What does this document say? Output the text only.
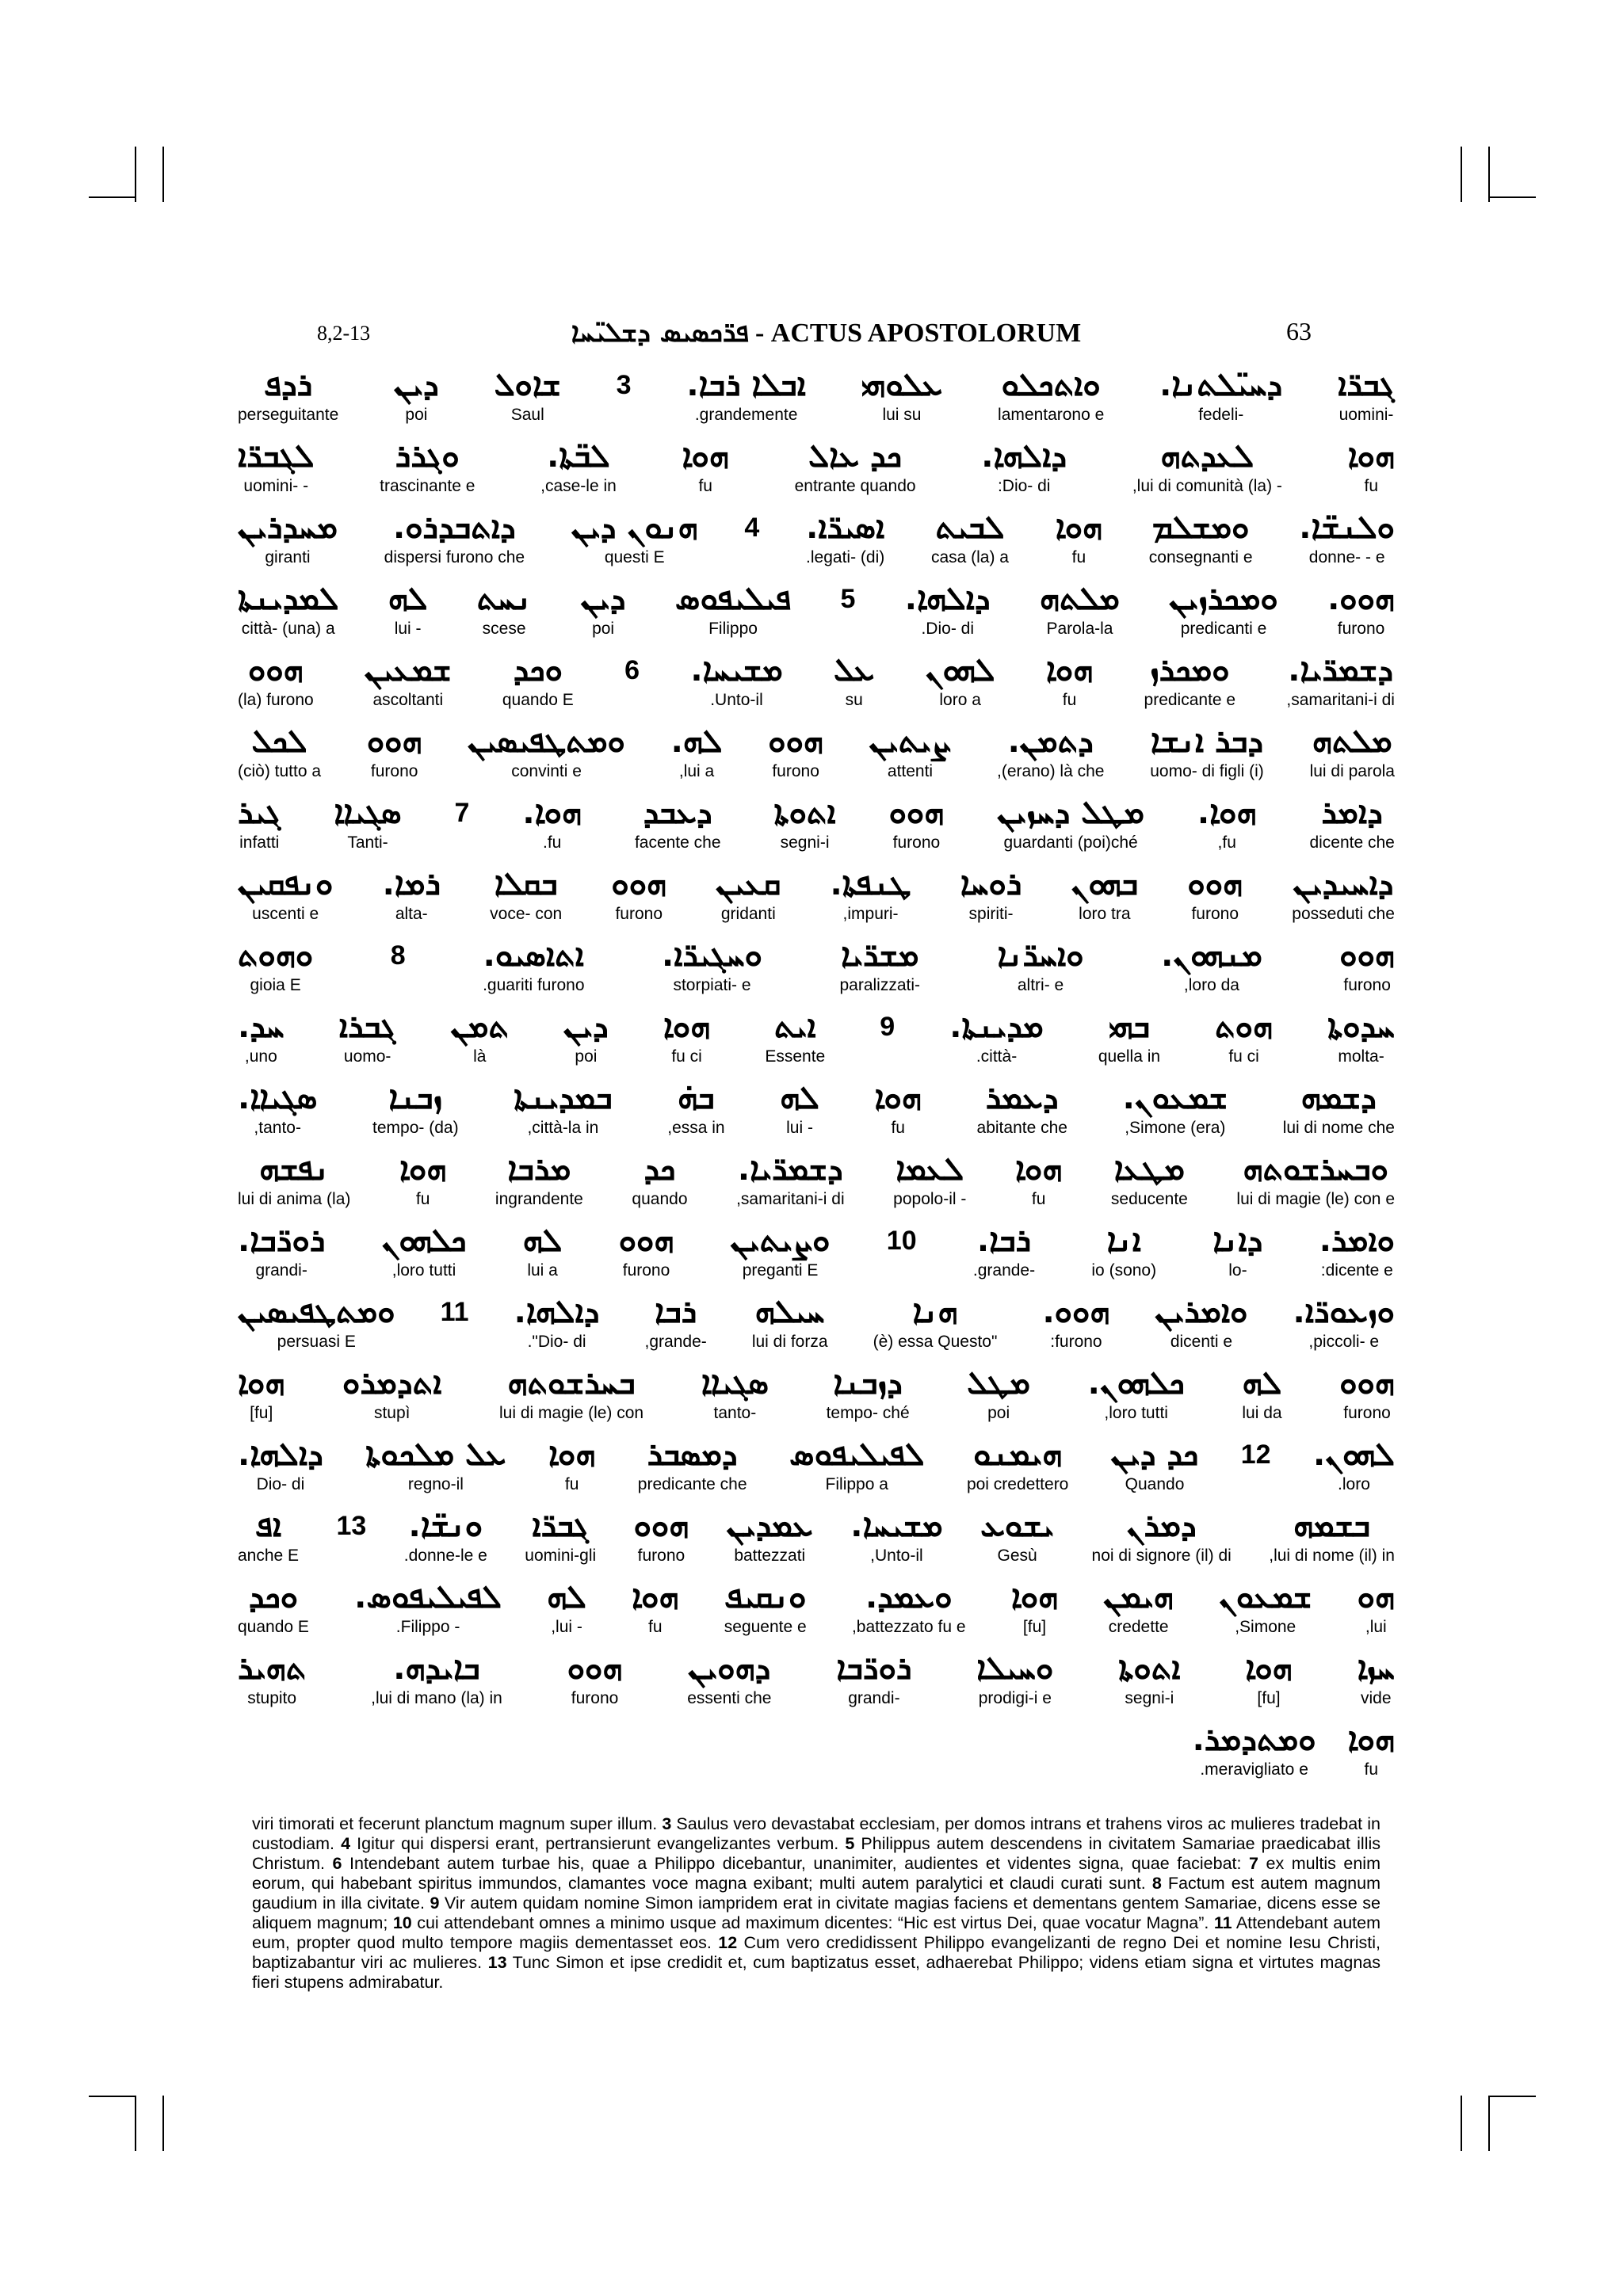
8,2-13	ܦܪ̈ܟܣܝܣ ܕܫܠܝ̈ܚܐ - ACTUS APOSTOLORUM	63
ܓܒܪ̈ܐ
uomini-
ܕܚܝ̈ܠܬܢܐ.
fedeli-
ܘܐܬܟܠܘ
lamentarono e
ܥܠܘܗܝ
lui su
ܐܒܠܐ ܪܒܐ.
.grandemente
3
ܫܐܘܠ
Saul
ܕܝܢ
poi
ܪܕܦ
perseguitante
ܗܘܐ
fu
ܠܥܕܬܗ
,lui di comunità (la) -
ܕܐܠܗܐ.
:Dio- di
ܟܕ ܥܐܠ
entrante quando
ܗܘܐ
fu
ܠܒ̈ܬܐ.
,case-le in
ܘܓܪܪ
trascinante e
ܠܓܒܪ̈ܐ
uomini- -
ܘܠܢܫ̈ܐ.
donne- - e
ܘܡܫܠܡ
consegnanti e
ܗܘܐ
fu
ܠܒܝܬ
casa (la) a
ܐܣܝܪ̈ܐ.
.legati- (di)
4
ܗܢܘܢ ܕܝܢ
questi E
ܕܐܬܒܕܪܘ.
dispersi furono che
ܡܚܕܪܝܢ
giranti
ܗܘܘ.
furono
ܘܡܟܪܙܝܢ
predicanti e
ܡܠܬܗ
Parola-la
ܕܐܠܗܐ.
.Dio- di
5
ܦܝܠܝܦܘܣ
Filippo
ܕܝܢ
poi
ܢܚܬ
scese
ܠܗ
lui -
ܠܡܕܝܢܬܐ
città- (una) a
ܕܫܡܪ̈ܝܐ.
,samaritani-i di
ܘܡܟܪܙ
predicante e
ܗܘܐ
fu
ܠܗܘܢ
loro a
ܥܠ
su
ܡܫܝܚܐ.
.Unto-il
6
ܘܟܕ
quando E
ܫܡܥܝܢ
ascoltanti
ܗܘܘ
(la) furono
ܡܠܬܗ
lui di parola
ܕܒܪ ܐܢܫܐ
uomo- di figli (i)
ܕܬܡܢ.
,(erano) là che
ܨܝܬܝܢ
attenti
ܗܘܘ
furono
ܠܗ.
,lui a
ܘܡܬܛܦܝܣܝܢ
convinti e
ܗܘܘ
furono
ܠܟܠ
(ciò) tutto a
ܕܐܡܪ
dicente che
ܗܘܐ.
,fu
ܡܛܠ ܕܚܙܝܢ
guardanti (poi)ché
ܗܘܘ
furono
ܐܬܘܬܐ
segni-i
ܕܥܒܕ
facente che
ܗܘܐ.
.fu
7
ܣܓܝܐܐ
Tanti-
ܓܝܪ
infatti
ܕܐܚܝܕܝܢ
posseduti che
ܗܘܘ
furono
ܒܗܘܢ
loro tra
ܪܘܚܐ
spiriti-
ܛܢܦܬܐ.
,impuri-
ܩܥܝܢ
gridanti
ܗܘܘ
furono
ܒܩܠܐ
voce- con
ܪܡܐ.
alta-
ܘܢܦܩܝܢ
uscenti e
ܗܘܘ
furono
ܡܢܗܘܢ.
,loro da
ܘܐܚܪ̈ܢܐ
altri- e
ܡܫܪ̈ܝܐ
paralizzati-
ܘܚܓܝܪ̈ܐ.
storpiati- e
ܐܬܐܣܝܘ.
.guariti furono
8
ܘܗܘܬ
gioia E
ܚܕܘܬܐ
molta-
ܗܘܬ
fu ci
ܒܗܝ
quella in
ܡܕܝܢܬܐ.
.città-
9
ܐܝܬ
Essente
ܗܘܐ
fu ci
ܕܝܢ
poi
ܬܡܢ
là
ܓܒܪܐ
uomo-
ܚܕ.
,uno
ܕܫܡܗ
lui di nome che
ܫܡܥܘܢ.
,Simone (era)
ܕܥܡܪ
abitante che
ܗܘܐ
fu
ܠܗ
lui -
ܒܗ̇
,essa in
ܒܡܕܝܢܬܐ
,città-la in
ܙܒܢܐ
tempo- (da)
ܣܓܝܐܐ.
,tanto-
ܘܒܚܪܫܘܬܗ
lui di magie (le) con e
ܡܛܥܐ
seducente
ܗܘܐ
fu
ܠܥܡܐ
popolo-il -
ܕܫܡܪ̈ܝܐ.
,samaritani-i di
ܟܕ
quando
ܡܪܒܐ
ingrandente
ܗܘܐ
fu
ܢܦܫܗ
lui di anima (la)
ܘܐܡܪ.
:dicente e
ܕܐܢܐ
lo-
ܐܢܐ
io (sono)
ܪܒܐ.
.grande-
10
ܘܨܝܬܝܢ
preganti E
ܗܘܘ
furono
ܠܗ
lui a
ܟܠܗܘܢ
,loro tutti
ܪܘܪ̈ܒܐ.
grandi-
ܘܙܥܘܪ̈ܐ.
,piccoli- e
ܘܐܡܪܝܢ
dicenti e
ܗܘܘ.
:furono
ܗܢܐ
(è) essa Questo"
ܚܝܠܗ
lui di forza
ܪܒܐ
,grande-
ܕܐܠܗܐ.
."Dio- di
11
ܘܡܬܛܦܝܣܝܢ
persuasi E
ܗܘܘ
furono
ܠܗ
lui da
ܟܠܗܘܢ.
,loro tutti
ܡܛܠ
poi
ܕܙܒܢܐ
tempo- ché
ܣܓܝܐܐ
tanto-
ܒܚܪܫܘܬܗ
lui di magie (le) con
ܐܬܕܡܪܘ
stupì
ܗܘܐ
[fu]
ܠܗܘܢ.
.loro
12
ܟܕ ܕܝܢ
Quando
ܗܝܡܢܘ
poi credettero
ܠܦܝܠܝܦܘܣ
Filippo a
ܕܡܣܒܪ
predicante che
ܗܘܐ
fu
ܥܠ ܡܠܟܘܬܐ
regno-il
ܕܐܠܗܐ.
Dio- di
ܒܫܡܗ
,lui di nome (il) in
ܕܡܪܢ
noi di signore (il) di
ܝܫܘܥ
Gesù
ܡܫܝܚܐ.
,Unto-il
ܥܡܕܝܢ
battezzati
ܗܘܘ
furono
ܓܒܪ̈ܐ
uomini-gli
ܘܢܫ̈ܐ.
.donne-le e
13
ܐܦ
anche E
ܗܘ
,lui
ܫܡܥܘܢ
,Simone
ܗܝܡܢ
credette
ܗܘܐ
[fu]
ܘܥܡܕ.
,battezzato fu e
ܘܢܩܝܦ
seguente e
ܗܘܐ
fu
ܠܗ
,lui -
ܠܦܝܠܝܦܘܣ.
.Filippo -
ܘܟܕ
quando E
ܚܙܐ
vide
ܗܘܐ
[fu]
ܐܬܘܬܐ
segni-i
ܘܚܝܠܐ
prodigi-i e
ܪܘܪ̈ܒܐ
grandi-
ܕܗܘܝܢ
essenti che
ܗܘܘ
furono
ܒܐܝܕܗ.
,lui di mano (la) in
ܬܗܝܪ
stupito
ܗܘܐ
fu
ܘܡܬܕܡܪ.
.meravigliato e
viri timorati et fecerunt planctum magnum super illum. 3 Saulus vero devastabat ecclesiam, per domos intrans et trahens viros ac mulieres tradebat in custodiam. 4 Igitur qui dispersi erant, pertransierunt evangelizantes verbum. 5 Philippus autem descendens in civitatem Samariae praedicabat illis Christum. 6 Intendebant autem turbae his, quae a Philippo dicebantur, unanimiter, audientes et videntes signa, quae faciebat: 7 ex multis enim eorum, qui habebant spiritus immundos, clamantes voce magna exibant; multi autem paralytici et claudi curati sunt. 8 Factum est autem magnum gaudium in illa civitate. 9 Vir autem quidam nomine Simon iampridem erat in civitate magias faciens et dementans gentem Samariae, dicens esse se aliquem magnum; 10 cui attendebant omnes a minimo usque ad maximum dicentes: “Hic est virtus Dei, quae vocatur Magna”. 11 Attendebant autem eum, propter quod multo tempore magiis dementasset eos. 12 Cum vero credidissent Philippo evangelizanti de regno Dei et nomine Iesu Christi, baptizabantur viri ac mulieres. 13 Tunc Simon et ipse credidit et, cum baptizatus esset, adhaerebat Philippo; videns etiam signa et virtutes magnas fieri stupens admirabatur.
